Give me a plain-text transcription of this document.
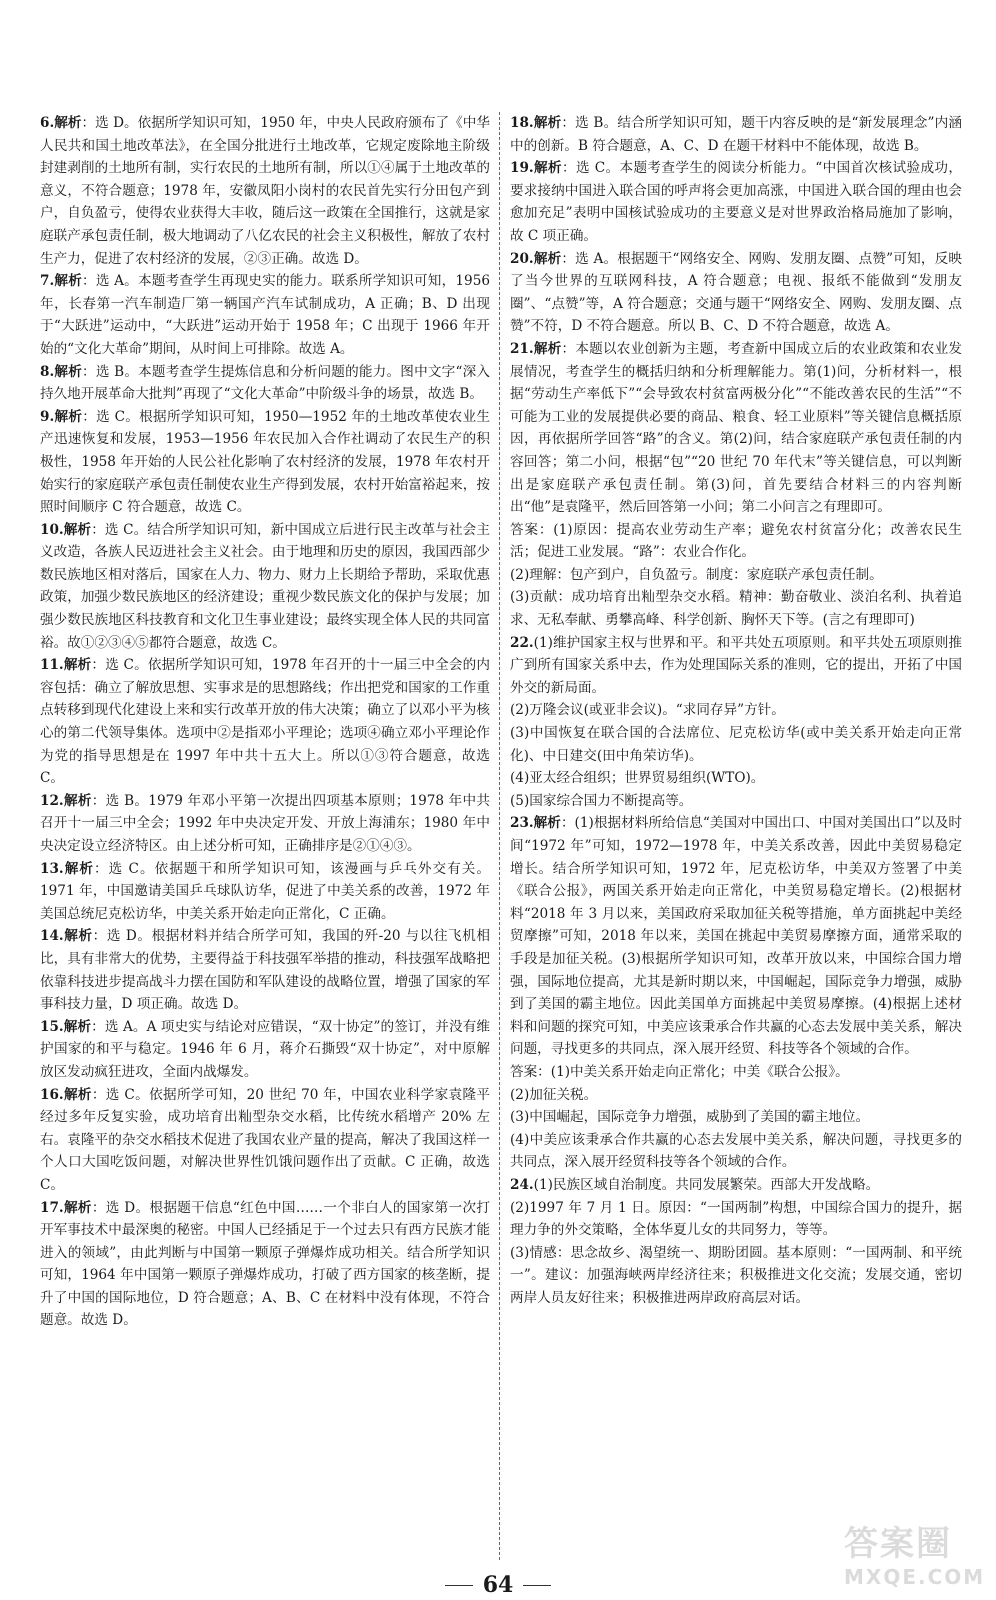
6.解析：选 D。依据所学知识可知，1950 年，中央人民政府颁布了《中华人民共和国土地改革法》，在全国分批进行土地改革，它规定废除地主阶级封建剥削的土地所有制，实行农民的土地所有制，所以①④属于土地改革的意义，不符合题意；1978 年，安徽凤阳小岗村的农民首先实行分田包产到户，自负盈亏，使得农业获得大丰收，随后这一政策在全国推行，这就是家庭联产承包责任制，极大地调动了八亿农民的社会主义积极性，解放了农村生产力，促进了农村经济的发展，②③正确。故选 D。

7.解析：选 A。本题考查学生再现史实的能力。联系所学知识可知，1956 年，长春第一汽车制造厂第一辆国产汽车试制成功，A 正确；B、D 出现于“大跃进”运动中，“大跃进”运动开始于 1958 年；C 出现于 1966 年开始的“文化大革命”期间，从时间上可排除。故选 A。

8.解析：选 B。本题考查学生提炼信息和分析问题的能力。图中文字“深入持久地开展革命大批判”再现了“文化大革命”中阶级斗争的场景，故选 B。

9.解析：选 C。根据所学知识可知，1950—1952 年的土地改革使农业生产迅速恢复和发展，1953—1956 年农民加入合作社调动了农民生产的积极性，1958 年开始的人民公社化影响了农村经济的发展，1978 年农村开始实行的家庭联产承包责任制使农业生产得到发展，农村开始富裕起来，按照时间顺序 C 符合题意，故选 C。

10.解析：选 C。结合所学知识可知，新中国成立后进行民主改革与社会主义改造，各族人民迈进社会主义社会。由于地理和历史的原因，我国西部少数民族地区相对落后，国家在人力、物力、财力上长期给予帮助，采取优惠政策，加强少数民族地区的经济建设；重视少数民族文化的保护与发展；加强少数民族地区科技教育和文化卫生事业建设；最终实现全体人民的共同富裕。故①②③④⑤都符合题意，故选 C。

11.解析：选 C。依据所学知识可知，1978 年召开的十一届三中全会的内容包括：确立了解放思想、实事求是的思想路线；作出把党和国家的工作重点转移到现代化建设上来和实行改革开放的伟大决策；确立了以邓小平为核心的第二代领导集体。选项中②是指邓小平理论；选项④确立邓小平理论作为党的指导思想是在 1997 年中共十五大上。所以①③符合题意，故选 C。

12.解析：选 B。1979 年邓小平第一次提出四项基本原则；1978 年中共召开十一届三中全会；1992 年中央决定开发、开放上海浦东；1980 年中央决定设立经济特区。由上述分析可知，正确排序是②①④③。

13.解析：选 C。依据题干和所学知识可知，该漫画与乒乓外交有关。1971 年，中国邀请美国乒乓球队访华，促进了中美关系的改善，1972 年美国总统尼克松访华，中美关系开始走向正常化，C 正确。

14.解析：选 D。根据材料并结合所学可知，我国的歼-20 与以往飞机相比，具有非常大的优势，主要得益于科技强军举措的推动，科技强军战略把依靠科技进步提高战斗力摆在国防和军队建设的战略位置，增强了国家的军事科技力量，D 项正确。故选 D。

15.解析：选 A。A 项史实与结论对应错误，“双十协定”的签订，并没有维护国家的和平与稳定。1946 年 6 月，蒋介石撕毁“双十协定”，对中原解放区发动疯狂进攻，全面内战爆发。

16.解析：选 C。依据所学可知，20 世纪 70 年，中国农业科学家袁隆平经过多年反复实验，成功培育出籼型杂交水稻，比传统水稻增产 20% 左右。袁隆平的杂交水稻技术促进了我国农业产量的提高，解决了我国这样一个人口大国吃饭问题，对解决世界性饥饿问题作出了贡献。C 正确，故选 C。

17.解析：选 D。根据题干信息“红色中国……一个非白人的国家第一次打开军事技术中最深奥的秘密。中国人已经插足于一个过去只有西方民族才能进入的领域”，由此判断与中国第一颗原子弹爆炸成功相关。结合所学知识可知，1964 年中国第一颗原子弹爆炸成功，打破了西方国家的核垄断，提升了中国的国际地位，D 符合题意；A、B、C 在材料中没有体现，不符合题意。故选 D。

18.解析：选 B。结合所学知识可知，题干内容反映的是“新发展理念”内涵中的创新。B 符合题意，A、C、D 在题干材料中不能体现，故选 B。

19.解析：选 C。本题考查学生的阅读分析能力。“中国首次核试验成功，要求接纳中国进入联合国的呼声将会更加高涨，中国进入联合国的理由也会愈加充足”表明中国核试验成功的主要意义是对世界政治格局施加了影响，故 C 项正确。

20.解析：选 A。根据题干“网络安全、网购、发朋友圈、点赞”可知，反映了当今世界的互联网科技，A 符合题意；电视、报纸不能做到“发朋友圈”、“点赞”等，A 符合题意；交通与题干“网络安全、网购、发朋友圈、点赞”不符，D 不符合题意。所以 B、C、D 不符合题意，故选 A。

21.解析：本题以农业创新为主题，考查新中国成立后的农业政策和农业发展情况，考查学生的概括归纳和分析理解能力。第(1)问，分析材料一，根据“劳动生产率低下”“会导致农村贫富两极分化”“不能改善农民的生活”“不可能为工业的发展提供必要的商品、粮食、轻工业原料”等关键信息概括原因，再依据所学回答“路”的含义。第(2)问，结合家庭联产承包责任制的内容回答；第二小问，根据“包”“20 世纪 70 年代末”等关键信息，可以判断出是家庭联产承包责任制。第(3)问，首先要结合材料三的内容判断出“他”是袁隆平，然后回答第一小问；第二小问言之有理即可。

答案：(1)原因：提高农业劳动生产率；避免农村贫富分化；改善农民生活；促进工业发展。“路”：农业合作化。

(2)理解：包产到户，自负盈亏。制度：家庭联产承包责任制。

(3)贡献：成功培育出籼型杂交水稻。精神：勤奋敬业、淡泊名利、执着追求、无私奉献、勇攀高峰、科学创新、胸怀天下等。(言之有理即可)

22.(1)维护国家主权与世界和平。和平共处五项原则。和平共处五项原则推广到所有国家关系中去，作为处理国际关系的准则，它的提出，开拓了中国外交的新局面。

(2)万隆会议(或亚非会议)。“求同存异”方针。

(3)中国恢复在联合国的合法席位、尼克松访华(或中美关系开始走向正常化)、中日建交(田中角荣访华)。

(4)亚太经合组织；世界贸易组织(WTO)。

(5)国家综合国力不断提高等。

23.解析：(1)根据材料所给信息“美国对中国出口、中国对美国出口”以及时间“1972 年”可知，1972—1978 年，中美关系改善，因此中美贸易稳定增长。结合所学知识可知，1972 年，尼克松访华，中美双方签署了中美《联合公报》，两国关系开始走向正常化，中美贸易稳定增长。(2)根据材料“2018 年 3 月以来，美国政府采取加征关税等措施，单方面挑起中美经贸摩擦”可知，2018 年以来，美国在挑起中美贸易摩擦方面，通常采取的手段是加征关税。(3)根据所学知识可知，改革开放以来，中国综合国力增强，国际地位提高，尤其是新时期以来，中国崛起，国际竞争力增强，威胁到了美国的霸主地位。因此美国单方面挑起中美贸易摩擦。(4)根据上述材料和问题的探究可知，中美应该秉承合作共赢的心态去发展中美关系，解决问题，寻找更多的共同点，深入展开经贸、科技等各个领域的合作。

答案：(1)中美关系开始走向正常化；中美《联合公报》。

(2)加征关税。

(3)中国崛起，国际竞争力增强，威胁到了美国的霸主地位。

(4)中美应该秉承合作共赢的心态去发展中美关系，解决问题，寻找更多的共同点，深入展开经贸科技等各个领域的合作。

24.(1)民族区域自治制度。共同发展繁荣。西部大开发战略。

(2)1997 年 7 月 1 日。原因：“一国两制”构想，中国综合国力的提升，据理力争的外交策略，全体华夏儿女的共同努力，等等。

(3)情感：思念故乡、渴望统一、期盼团圆。基本原则：“一国两制、和平统一”。建议：加强海峡两岸经济往来；积极推进文化交流；发展交通，密切两岸人员友好往来；积极推进两岸政府高层对话。

64
答案圈
MXQE.COM
